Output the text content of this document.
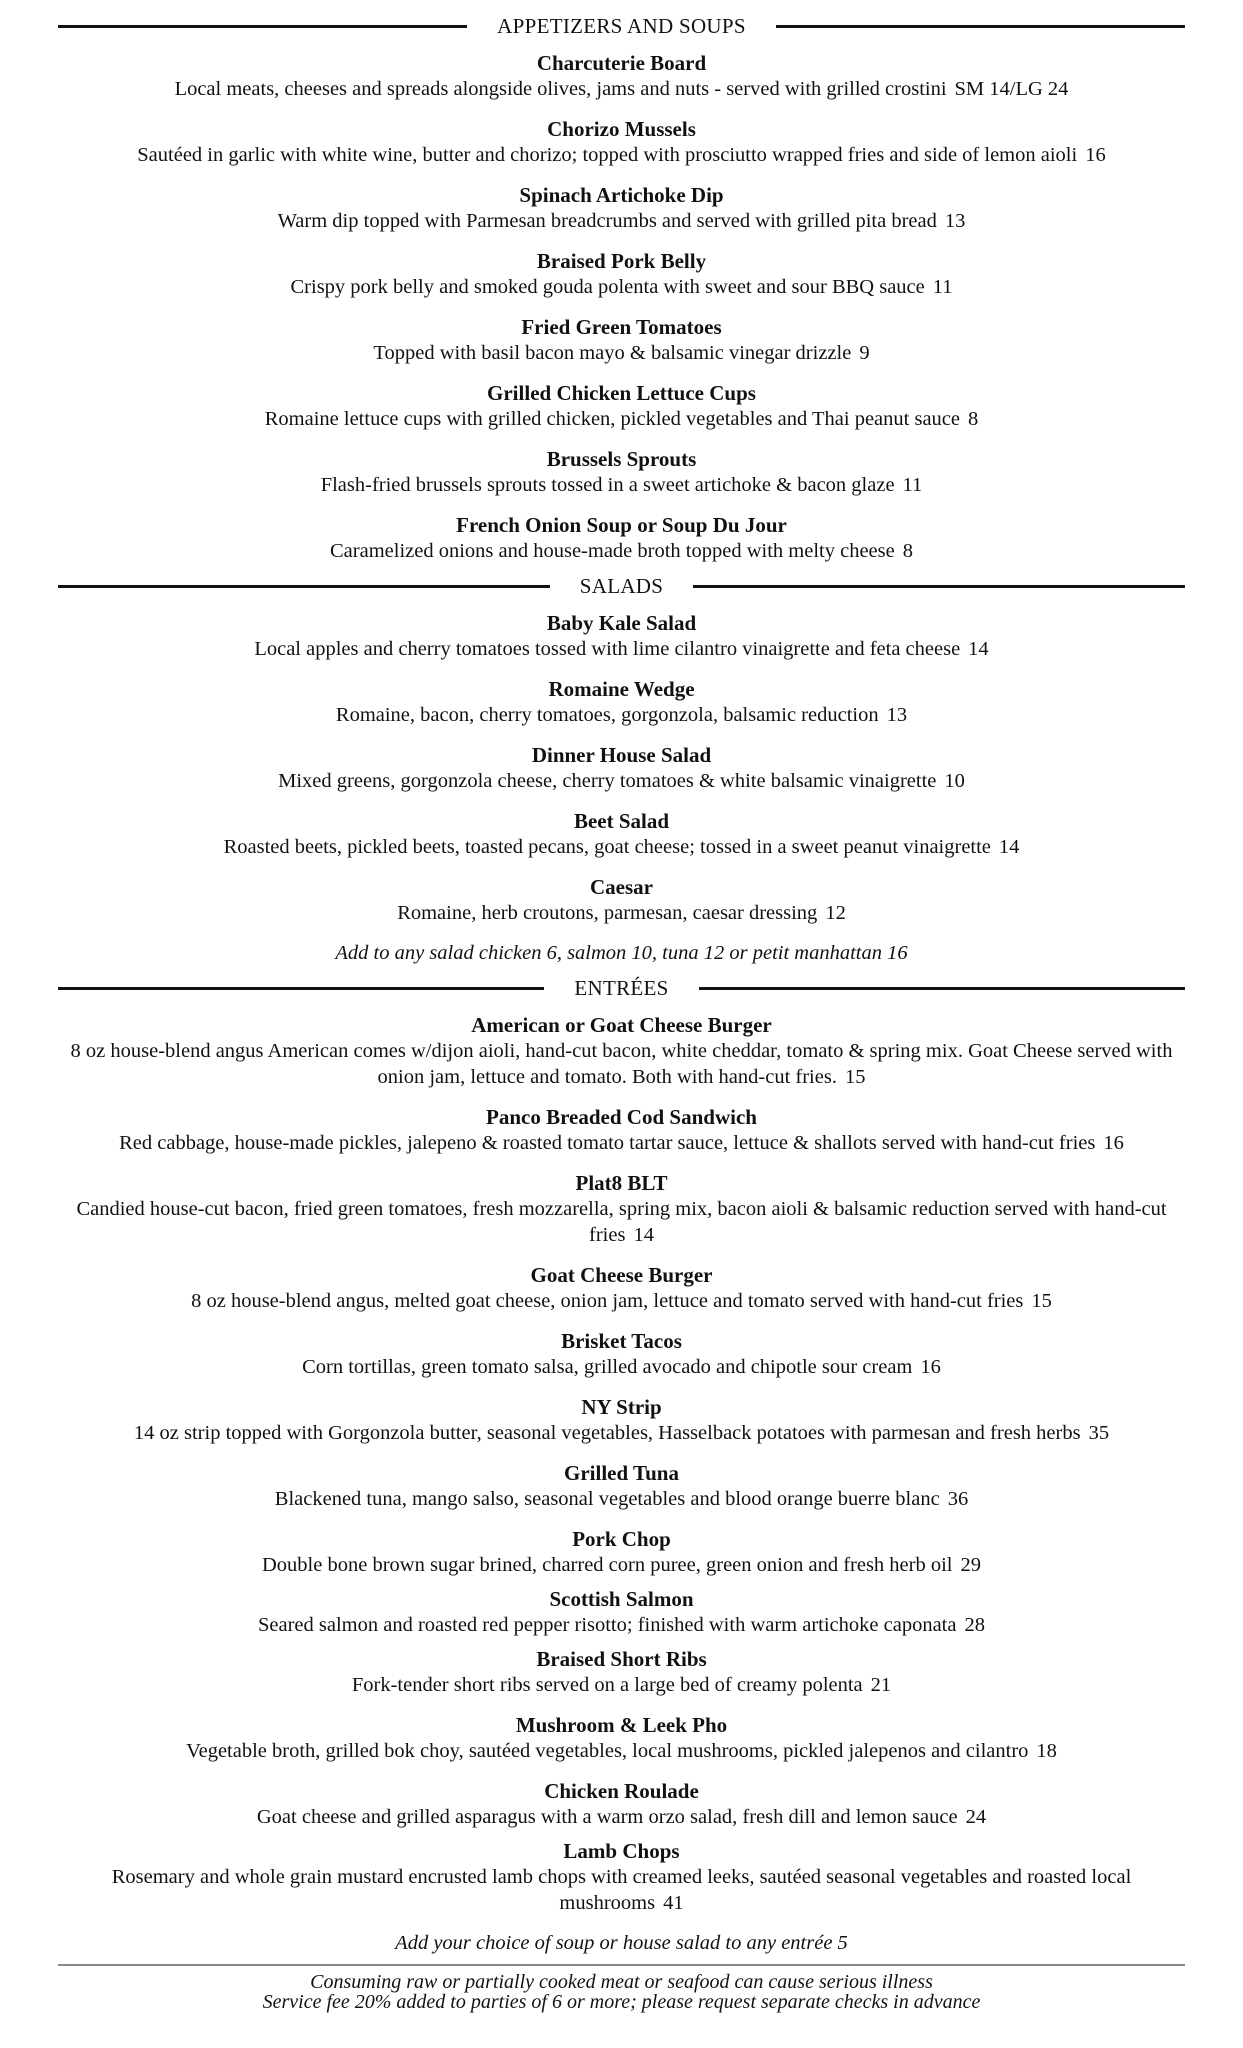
APPETIZERS AND SOUPS
Charcuterie Board
Local meats, cheeses and spreads alongside olives, jams and nuts - served with grilled crostini SM 14/LG 24
Chorizo Mussels
Sautéed in garlic with white wine, butter and chorizo; topped with prosciutto wrapped fries and side of lemon aioli 16
Spinach Artichoke Dip
Warm dip topped with Parmesan breadcrumbs and served with grilled pita bread 13
Braised Pork Belly
Crispy pork belly and smoked gouda polenta with sweet and sour BBQ sauce 11
Fried Green Tomatoes
Topped with basil bacon mayo & balsamic vinegar drizzle 9
Grilled Chicken Lettuce Cups
Romaine lettuce cups with grilled chicken, pickled vegetables and Thai peanut sauce 8
Brussels Sprouts
Flash-fried brussels sprouts tossed in a sweet artichoke & bacon glaze 11
French Onion Soup or Soup Du Jour
Caramelized onions and house-made broth topped with melty cheese 8
SALADS
Baby Kale Salad
Local apples and cherry tomatoes tossed with lime cilantro vinaigrette and feta cheese 14
Romaine Wedge
Romaine, bacon, cherry tomatoes, gorgonzola, balsamic reduction 13
Dinner House Salad
Mixed greens, gorgonzola cheese, cherry tomatoes & white balsamic vinaigrette 10
Beet Salad
Roasted beets, pickled beets, toasted pecans, goat cheese; tossed in a sweet peanut vinaigrette 14
Caesar
Romaine, herb croutons, parmesan, caesar dressing 12
Add to any salad chicken 6, salmon 10, tuna 12 or petit manhattan 16
ENTRÉES
American or Goat Cheese Burger
8 oz house-blend angus American comes w/dijon aioli, hand-cut bacon, white cheddar, tomato & spring mix. Goat Cheese served with onion jam, lettuce and tomato. Both with hand-cut fries. 15
Panco Breaded Cod Sandwich
Red cabbage, house-made pickles, jalepeno & roasted tomato tartar sauce, lettuce & shallots served with hand-cut fries 16
Plat8 BLT
Candied house-cut bacon, fried green tomatoes, fresh mozzarella, spring mix, bacon aioli & balsamic reduction served with hand-cut fries 14
Goat Cheese Burger
8 oz house-blend angus, melted goat cheese, onion jam, lettuce and tomato served with hand-cut fries 15
Brisket Tacos
Corn tortillas, green tomato salsa, grilled avocado and chipotle sour cream 16
NY Strip
14 oz strip topped with Gorgonzola butter, seasonal vegetables, Hasselback potatoes with parmesan and fresh herbs 35
Grilled Tuna
Blackened tuna, mango salso, seasonal vegetables and blood orange buerre blanc 36
Pork Chop
Double bone brown sugar brined, charred corn puree, green onion and fresh herb oil 29
Scottish Salmon
Seared salmon and roasted red pepper risotto; finished with warm artichoke caponata 28
Braised Short Ribs
Fork-tender short ribs served on a large bed of creamy polenta 21
Mushroom & Leek Pho
Vegetable broth, grilled bok choy, sautéed vegetables, local mushrooms, pickled jalepenos and cilantro 18
Chicken Roulade
Goat cheese and grilled asparagus with a warm orzo salad, fresh dill and lemon sauce 24
Lamb Chops
Rosemary and whole grain mustard encrusted lamb chops with creamed leeks, sautéed seasonal vegetables and roasted local mushrooms 41
Add your choice of soup or house salad to any entrée 5
Consuming raw or partially cooked meat or seafood can cause serious illness
Service fee 20% added to parties of 6 or more; please request separate checks in advance
